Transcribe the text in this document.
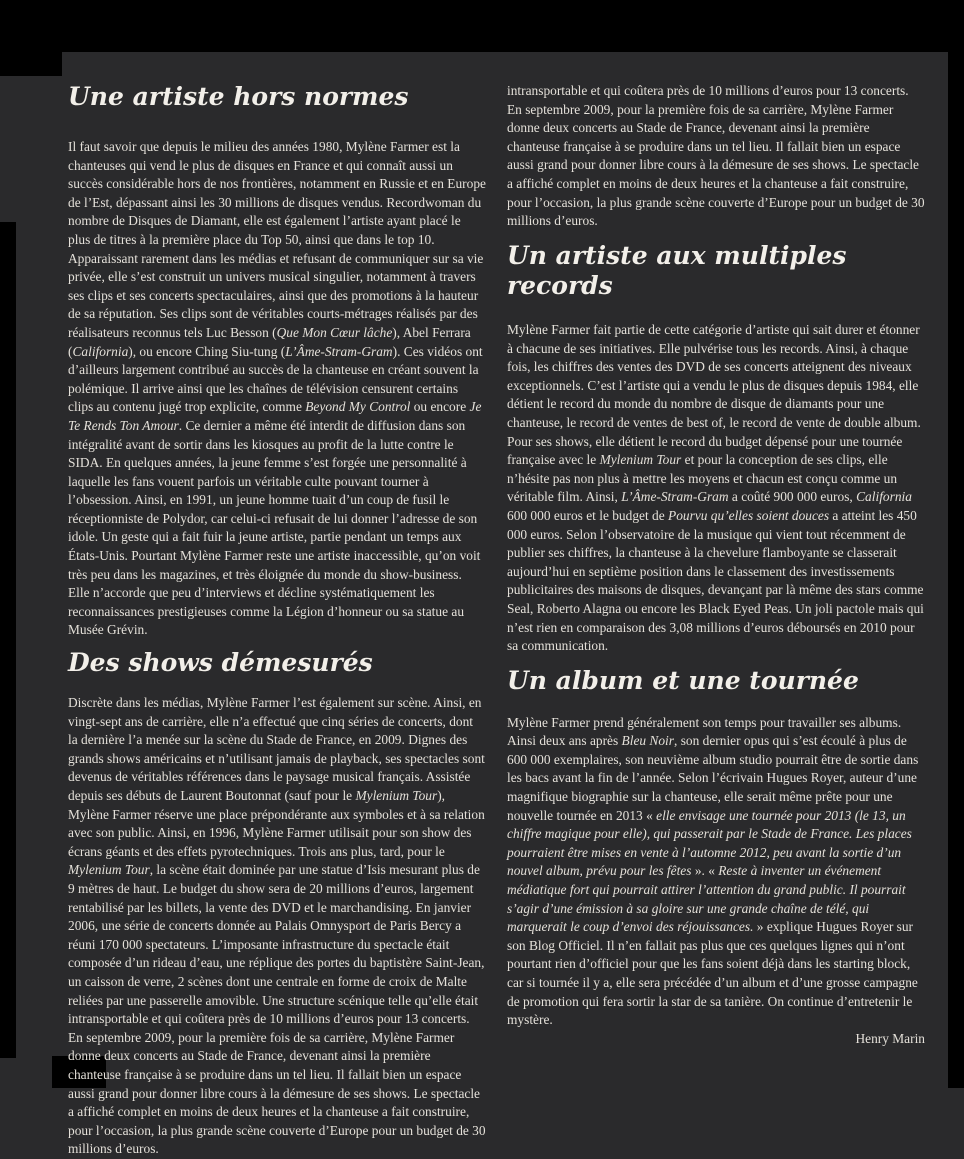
Une artiste hors normes

Il faut savoir que depuis le milieu des années 1980, Mylène Farmer est la chanteuses qui vend le plus de disques en France et qui connaît aussi un succès considérable hors de nos frontières, notamment en Russie et en Europe de l’Est, dépassant ainsi les 30 millions de disques vendus. Recordwoman du nombre de Disques de Diamant, elle est également l’artiste ayant placé le plus de titres à la première place du Top 50, ainsi que dans le top 10. Apparaissant rarement dans les médias et refusant de communiquer sur sa vie privée, elle s’est construit un univers musical singulier, notamment à travers ses clips et ses concerts spectaculaires, ainsi que des promotions à la hauteur de sa réputation. Ses clips sont de véritables courts-métrages réalisés par des réalisateurs reconnus tels Luc Besson (Que Mon Cœur lâche), Abel Ferrara (California), ou encore Ching Siu-tung (L’Âme-Stram-Gram). Ces vidéos ont d’ailleurs largement contribué au succès de la chanteuse en créant souvent la polémique. Il arrive ainsi que les chaînes de télévision censurent certains clips au contenu jugé trop explicite, comme Beyond My Control ou encore Je Te Rends Ton Amour. Ce dernier a même été interdit de diffusion dans son intégralité avant de sortir dans les kiosques au profit de la lutte contre le SIDA. En quelques années, la jeune femme s’est forgée une personnalité à laquelle les fans vouent parfois un véritable culte pouvant tourner à l’obsession. Ainsi, en 1991, un jeune homme tuait d’un coup de fusil le réceptionniste de Polydor, car celui-ci refusait de lui donner l’adresse de son idole. Un geste qui a fait fuir la jeune artiste, partie pendant un temps aux États-Unis. Pourtant Mylène Farmer reste une artiste inaccessible, qu’on voit très peu dans les magazines, et très éloignée du monde du show-business. Elle n’accorde que peu d’interviews et décline systématiquement les reconnaissances prestigieuses comme la Légion d’honneur ou sa statue au Musée Grévin.

Des shows démesurés

Discrète dans les médias, Mylène Farmer l’est également sur scène. Ainsi, en vingt-sept ans de carrière, elle n’a effectué que cinq séries de concerts, dont la dernière l’a menée sur la scène du Stade de France, en 2009. Dignes des grands shows américains et n’utilisant jamais de playback, ses spectacles sont devenus de véritables références dans le paysage musical français. Assistée depuis ses débuts de Laurent Boutonnat (sauf pour le Mylenium Tour), Mylène Farmer réserve une place prépondérante aux symboles et à sa relation avec son public. Ainsi, en 1996, Mylène Farmer utilisait pour son show des écrans géants et des effets pyrotechniques. Trois ans plus, tard, pour le Mylenium Tour, la scène était dominée par une statue d’Isis mesurant plus de 9 mètres de haut. Le budget du show sera de 20 millions d’euros, largement rentabilisé par les billets, la vente des DVD et le marchandising. En janvier 2006, une série de concerts donnée au Palais Omnysport de Paris Bercy a réuni 170 000 spectateurs. L’imposante infrastructure du spectacle était composée d’un rideau d’eau, une réplique des portes du baptistère Saint-Jean, un caisson de verre, 2 scènes dont une centrale en forme de croix de Malte reliées par une passerelle amovible. Une structure scénique telle qu’elle était intransportable et qui coûtera près de 10 millions d’euros pour 13 concerts. En septembre 2009, pour la première fois de sa carrière, Mylène Farmer donne deux concerts au Stade de France, devenant ainsi la première chanteuse française à se produire dans un tel lieu. Il fallait bien un espace aussi grand pour donner libre cours à la démesure de ses shows. Le spectacle a affiché complet en moins de deux heures et la chanteuse a fait construire, pour l’occasion, la plus grande scène couverte d’Europe pour un budget de 30 millions d’euros.

intransportable et qui coûtera près de 10 millions d’euros pour 13 concerts. En septembre 2009, pour la première fois de sa carrière, Mylène Farmer donne deux concerts au Stade de France, devenant ainsi la première chanteuse française à se produire dans un tel lieu. Il fallait bien un espace aussi grand pour donner libre cours à la démesure de ses shows. Le spectacle a affiché complet en moins de deux heures et la chanteuse a fait construire, pour l’occasion, la plus grande scène couverte d’Europe pour un budget de 30 millions d’euros.

Un artiste aux multiples records

Mylène Farmer fait partie de cette catégorie d’artiste qui sait durer et étonner à chacune de ses initiatives. Elle pulvérise tous les records. Ainsi, à chaque fois, les chiffres des ventes des DVD de ses concerts atteignent des niveaux exceptionnels. C’est l’artiste qui a vendu le plus de disques depuis 1984, elle détient le record du monde du nombre de disque de diamants pour une chanteuse, le record de ventes de best of, le record de vente de double album. Pour ses shows, elle détient le record du budget dépensé pour une tournée française avec le Mylenium Tour et pour la conception de ses clips, elle n’hésite pas non plus à mettre les moyens et chacun est conçu comme un véritable film. Ainsi, L’Âme-Stram-Gram a coûté 900 000 euros, California 600 000 euros et le budget de Pourvu qu’elles soient douces a atteint les 450 000 euros. Selon l’observatoire de la musique qui vient tout récemment de publier ses chiffres, la chanteuse à la chevelure flamboyante se classerait aujourd’hui en septième position dans le classement des investissements publicitaires des maisons de disques, devançant par là même des stars comme Seal, Roberto Alagna ou encore les Black Eyed Peas. Un joli pactole mais qui n’est rien en comparaison des 3,08 millions d’euros déboursés en 2010 pour sa communication.

Un album et une tournée

Mylène Farmer prend généralement son temps pour travailler ses albums. Ainsi deux ans après Bleu Noir, son dernier opus qui s’est écoulé à plus de 600 000 exemplaires, son neuvième album studio pourrait être de sortie dans les bacs avant la fin de l’année. Selon l’écrivain Hugues Royer, auteur d’une magnifique biographie sur la chanteuse, elle serait même prête pour une nouvelle tournée en 2013 « elle envisage une tournée pour 2013 (le 13, un chiffre magique pour elle), qui passerait par le Stade de France. Les places pourraient être mises en vente à l’automne 2012, peu avant la sortie d’un nouvel album, prévu pour les fêtes ». « Reste à inventer un événement médiatique fort qui pourrait attirer l’attention du grand public. Il pourrait s’agir d’une émission à sa gloire sur une grande chaîne de télé, qui marquerait le coup d’envoi des réjouissances. » explique Hugues Royer sur son Blog Officiel. Il n’en fallait pas plus que ces quelques lignes qui n’ont pourtant rien d’officiel pour que les fans soient déjà dans les starting block, car si tournée il y a, elle sera précédée d’un album et d’une grosse campagne de promotion qui fera sortir la star de sa tanière. On continue d’entretenir le mystère.

Henry Marin
